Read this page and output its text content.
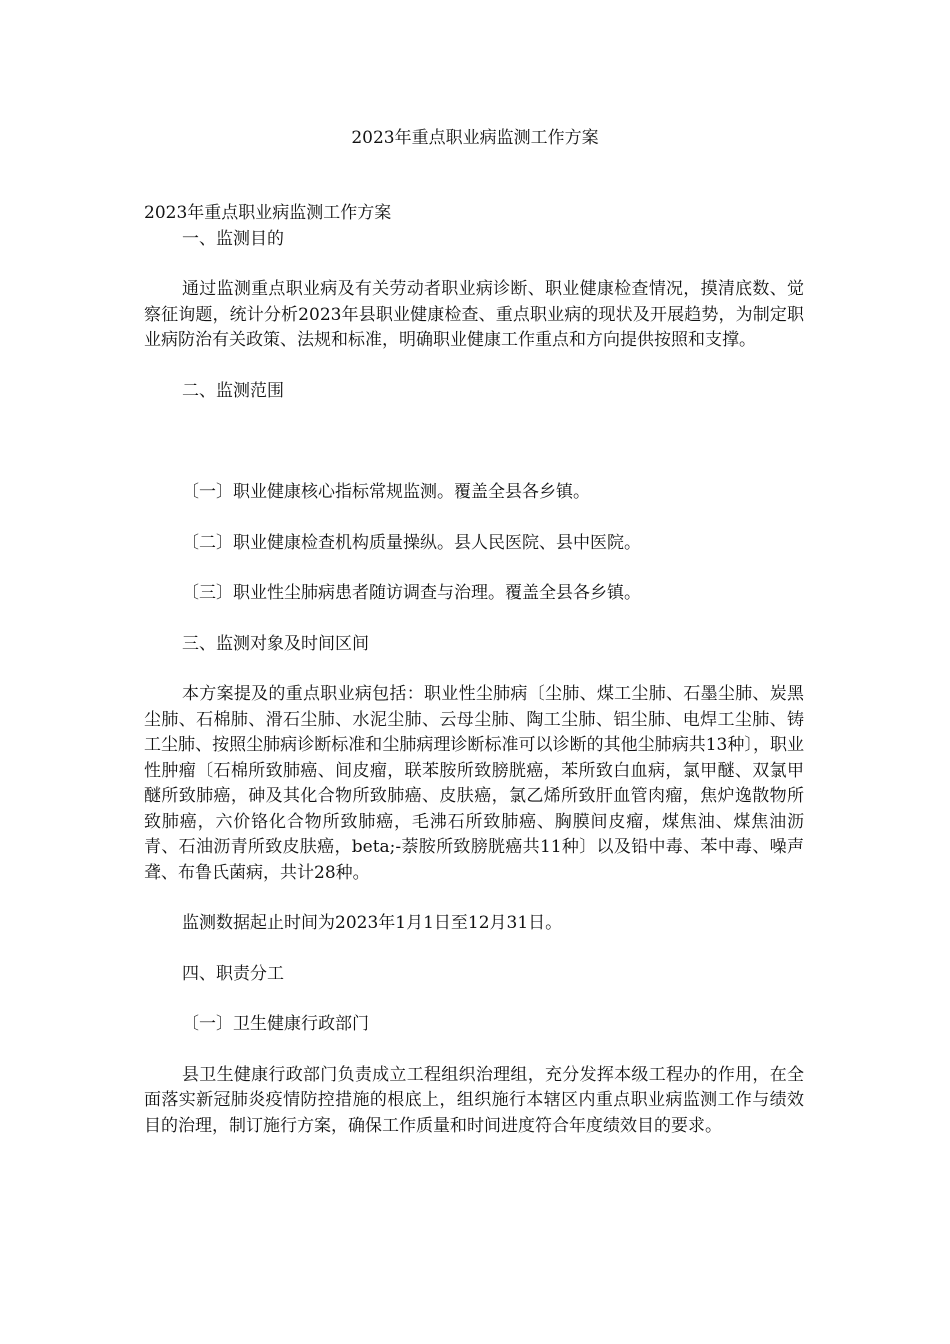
2023年重点职业病监测工作方案

2023年重点职业病监测工作方案

一、监测目的

通过监测重点职业病及有关劳动者职业病诊断、职业健康检查情况，摸清底数、觉察征询题，统计分析2023年县职业健康检查、重点职业病的现状及开展趋势，为制定职业病防治有关政策、法规和标准，明确职业健康工作重点和方向提供按照和支撑。

二、监测范围

〔一〕职业健康核心指标常规监测。覆盖全县各乡镇。

〔二〕职业健康检查机构质量操纵。县人民医院、县中医院。

〔三〕职业性尘肺病患者随访调查与治理。覆盖全县各乡镇。

三、监测对象及时间区间

本方案提及的重点职业病包括：职业性尘肺病〔尘肺、煤工尘肺、石墨尘肺、炭黑尘肺、石棉肺、滑石尘肺、水泥尘肺、云母尘肺、陶工尘肺、铝尘肺、电焊工尘肺、铸工尘肺、按照尘肺病诊断标准和尘肺病理诊断标准可以诊断的其他尘肺病共13种〕，职业性肿瘤〔石棉所致肺癌、间皮瘤，联苯胺所致膀胱癌，苯所致白血病，氯甲醚、双氯甲醚所致肺癌，砷及其化合物所致肺癌、皮肤癌，氯乙烯所致肝血管肉瘤，焦炉逸散物所致肺癌，六价铬化合物所致肺癌，毛沸石所致肺癌、胸膜间皮瘤，煤焦油、煤焦油沥青、石油沥青所致皮肤癌，beta;-萘胺所致膀胱癌共11种〕以及铅中毒、苯中毒、噪声聋、布鲁氏菌病，共计28种。

监测数据起止时间为2023年1月1日至12月31日。

四、职责分工

〔一〕卫生健康行政部门

县卫生健康行政部门负责成立工程组织治理组，充分发挥本级工程办的作用，在全面落实新冠肺炎疫情防控措施的根底上，组织施行本辖区内重点职业病监测工作与绩效目的治理，制订施行方案，确保工作质量和时间进度符合年度绩效目的要求。
